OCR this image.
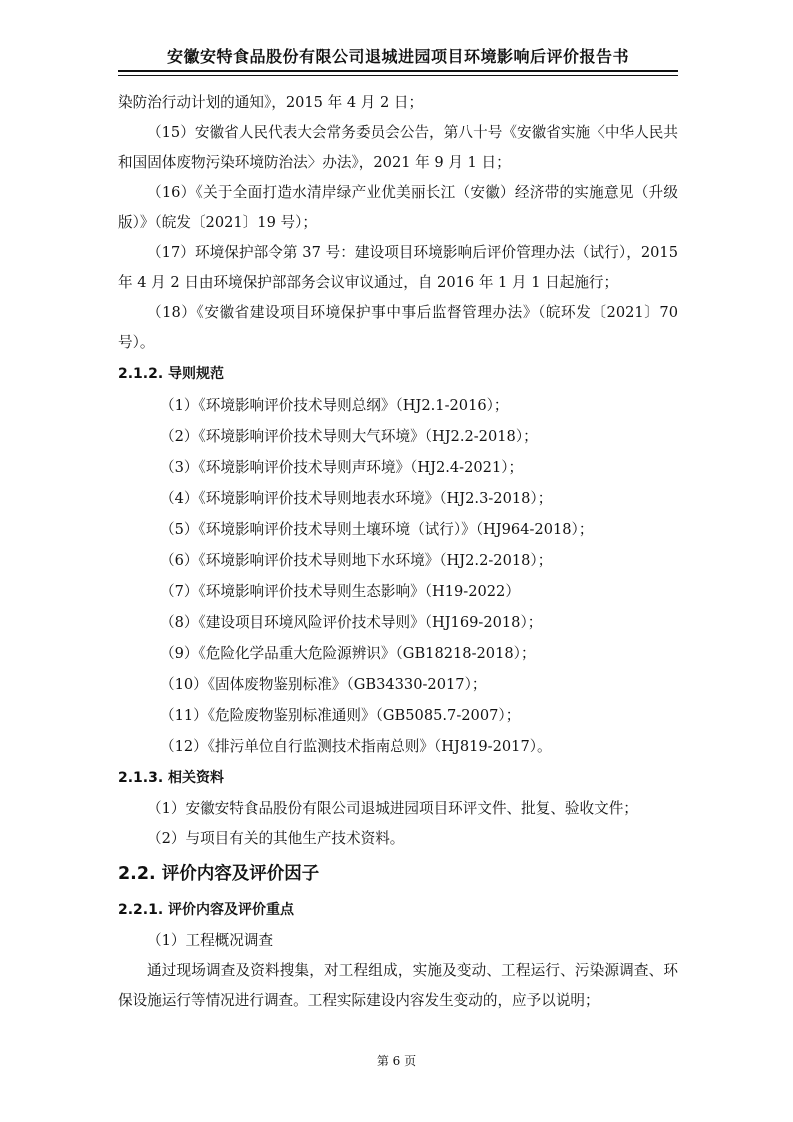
安徽安特食品股份有限公司退城进园项目环境影响后评价报告书

染防治行动计划的通知》，2015 年 4 月 2 日；

（15）安徽省人民代表大会常务委员会公告，第八十号《安徽省实施〈中华人民共和国固体废物污染环境防治法〉办法》，2021 年 9 月 1 日；

（16）《关于全面打造水清岸绿产业优美丽长江（安徽）经济带的实施意见（升级版）》（皖发〔2021〕19 号）；

（17）环境保护部令第 37 号：建设项目环境影响后评价管理办法（试行），2015 年 4 月 2 日由环境保护部部务会议审议通过，自 2016 年 1 月 1 日起施行；

（18）《安徽省建设项目环境保护事中事后监督管理办法》（皖环发〔2021〕70 号）。

2.1.2. 导则规范

（1）《环境影响评价技术导则总纲》（HJ2.1-2016）；

（2）《环境影响评价技术导则大气环境》（HJ2.2-2018）；

（3）《环境影响评价技术导则声环境》（HJ2.4-2021）；

（4）《环境影响评价技术导则地表水环境》（HJ2.3-2018）；

（5）《环境影响评价技术导则土壤环境（试行）》（HJ964-2018）；

（6）《环境影响评价技术导则地下水环境》（HJ2.2-2018）；

（7）《环境影响评价技术导则生态影响》（H19-2022）

（8）《建设项目环境风险评价技术导则》（HJ169-2018）；

（9）《危险化学品重大危险源辨识》（GB18218-2018）；

（10）《固体废物鉴别标准》（GB34330-2017）；

（11）《危险废物鉴别标准通则》（GB5085.7-2007）；

（12）《排污单位自行监测技术指南总则》（HJ819-2017）。

2.1.3. 相关资料

（1）安徽安特食品股份有限公司退城进园项目环评文件、批复、验收文件；

（2）与项目有关的其他生产技术资料。

2.2. 评价内容及评价因子

2.2.1. 评价内容及评价重点

（1）工程概况调查

通过现场调查及资料搜集，对工程组成，实施及变动、工程运行、污染源调查、环保设施运行等情况进行调查。工程实际建设内容发生变动的，应予以说明；

第 6 页
